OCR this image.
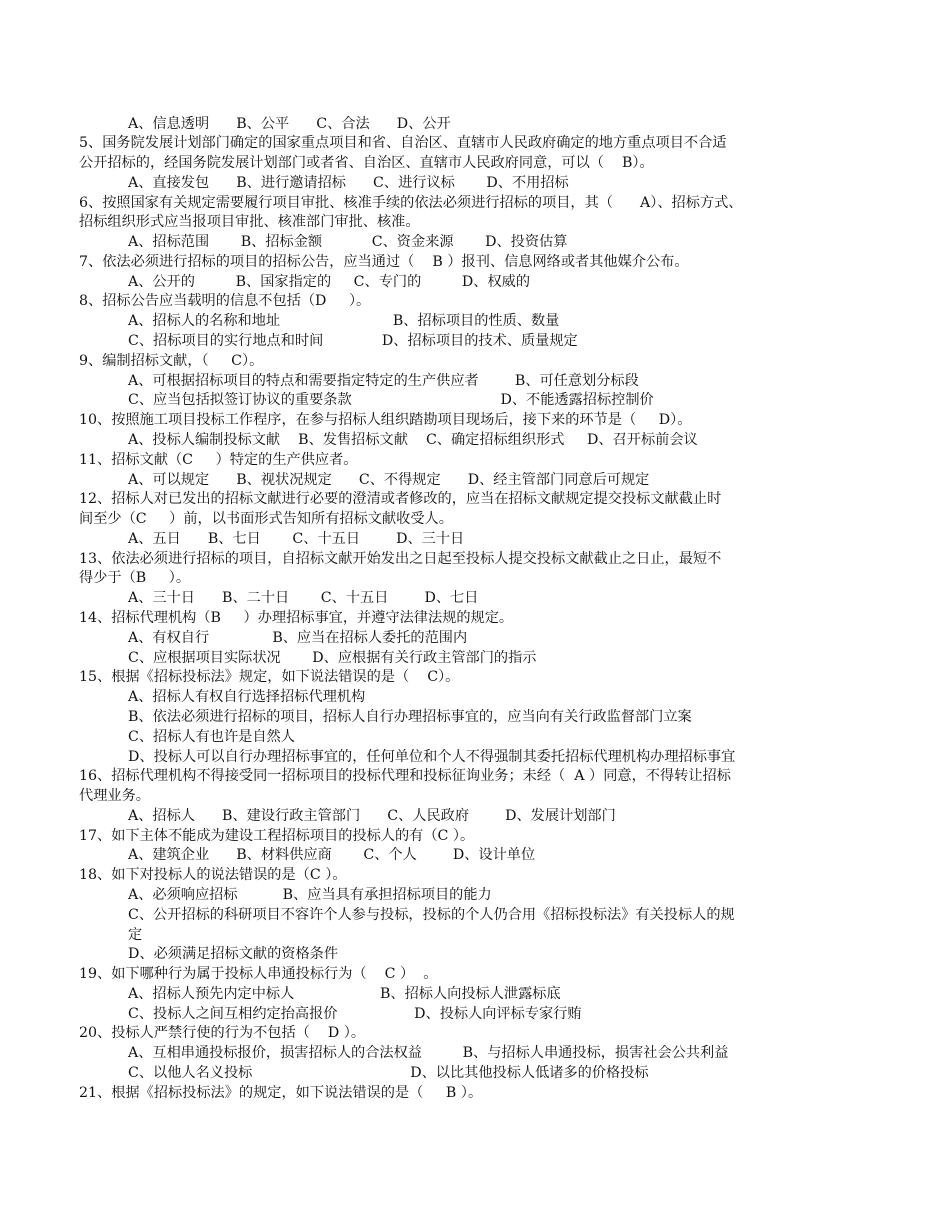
A、信息透明      B、公平      C、合法      D、公开
5、国务院发展计划部门确定的国家重点项目和省、自治区、直辖市人民政府确定的地方重点项目不合适
公开招标的，经国务院发展计划部门或者省、自治区、直辖市人民政府同意，可以（    B）。
A、直接发包      B、进行邀请招标      C、进行议标       D、不用招标
6、按照国家有关规定需要履行项目审批、核准手续的依法必须进行招标的项目，其（      A）、招标方式、
招标组织形式应当报项目审批、核准部门审批、核准。
A、招标范围       B、招标金额           C、资金来源       D、投资估算
7、依法必须进行招标的项目的招标公告，应当通过（    B ）报刊、信息网络或者其他媒介公布。
A、公开的         B、国家指定的     C、专门的         D、权威的
8、招标公告应当载明的信息不包括（D     ）。
A、招标人的名称和地址                         B、招标项目的性质、数量
C、招标项目的实行地点和时间             D、招标项目的技术、质量规定
9、编制招标文献，（     C）。
A、可根据招标项目的特点和需要指定特定的生产供应者        B、可任意划分标段
C、应当包括拟签订协议的重要条款                                 D、不能透露招标控制价
10、按照施工项目投标工作程序，在参与招标人组织踏勘项目现场后，接下来的环节是（     D）。
A、投标人编制投标文献    B、发售招标文献    C、确定招标组织形式     D、召开标前会议
11、招标文献（C     ）特定的生产供应者。
A、可以规定      B、视状况规定      C、不得规定      D、经主管部门同意后可规定
12、招标人对已发出的招标文献进行必要的澄清或者修改的，应当在招标文献规定提交投标文献截止时
间至少（C     ）前，以书面形式告知所有招标文献收受人。
A、五日      B、七日       C、十五日        D、三十日
13、依法必须进行招标的项目，自招标文献开始发出之日起至投标人提交投标文献截止之日止，最短不
得少于（B     ）。
A、三十日      B、二十日       C、十五日        D、七日
14、招标代理机构（B     ）办理招标事宜，并遵守法律法规的规定。
A、有权自行              B、应当在招标人委托的范围内
C、应根据项目实际状况       D、应根据有关行政主管部门的指示
15、根据《招标投标法》规定，如下说法错误的是（    C）。
A、招标人有权自行选择招标代理机构
B、依法必须进行招标的项目，招标人自行办理招标事宜的，应当向有关行政监督部门立案
C、招标人有也许是自然人
D、投标人可以自行办理招标事宜的，任何单位和个人不得强制其委托招标代理机构办理招标事宜
16、招标代理机构不得接受同一招标项目的投标代理和投标征询业务；未经（  A ）同意，不得转让招标
代理业务。
A、招标人      B、建设行政主管部门      C、人民政府        D、发展计划部门
17、如下主体不能成为建设工程招标项目的投标人的有（C ）。
A、建筑企业      B、材料供应商       C、个人        D、设计单位
18、如下对投标人的说法错误的是（C ）。
A、必须响应招标          B、应当具有承担招标项目的能力
C、公开招标的科研项目不容许个人参与投标，投标的个人仍合用《招标投标法》有关投标人的规
定
D、必须满足招标文献的资格条件
19、如下哪种行为属于投标人串通投标行为（    C ）  。
A、招标人预先内定中标人                   B、招标人向投标人泄露标底
C、投标人之间互相约定抬高报价                 D、投标人向评标专家行贿
20、投标人严禁行使的行为不包括（    D ）。
A、互相串通投标报价，损害招标人的合法权益         B、与招标人串通投标，损害社会公共利益
C、以他人名义投标                                   D、以比其他投标人低诸多的价格投标
21、根据《招标投标法》的规定，如下说法错误的是（     B ）。
